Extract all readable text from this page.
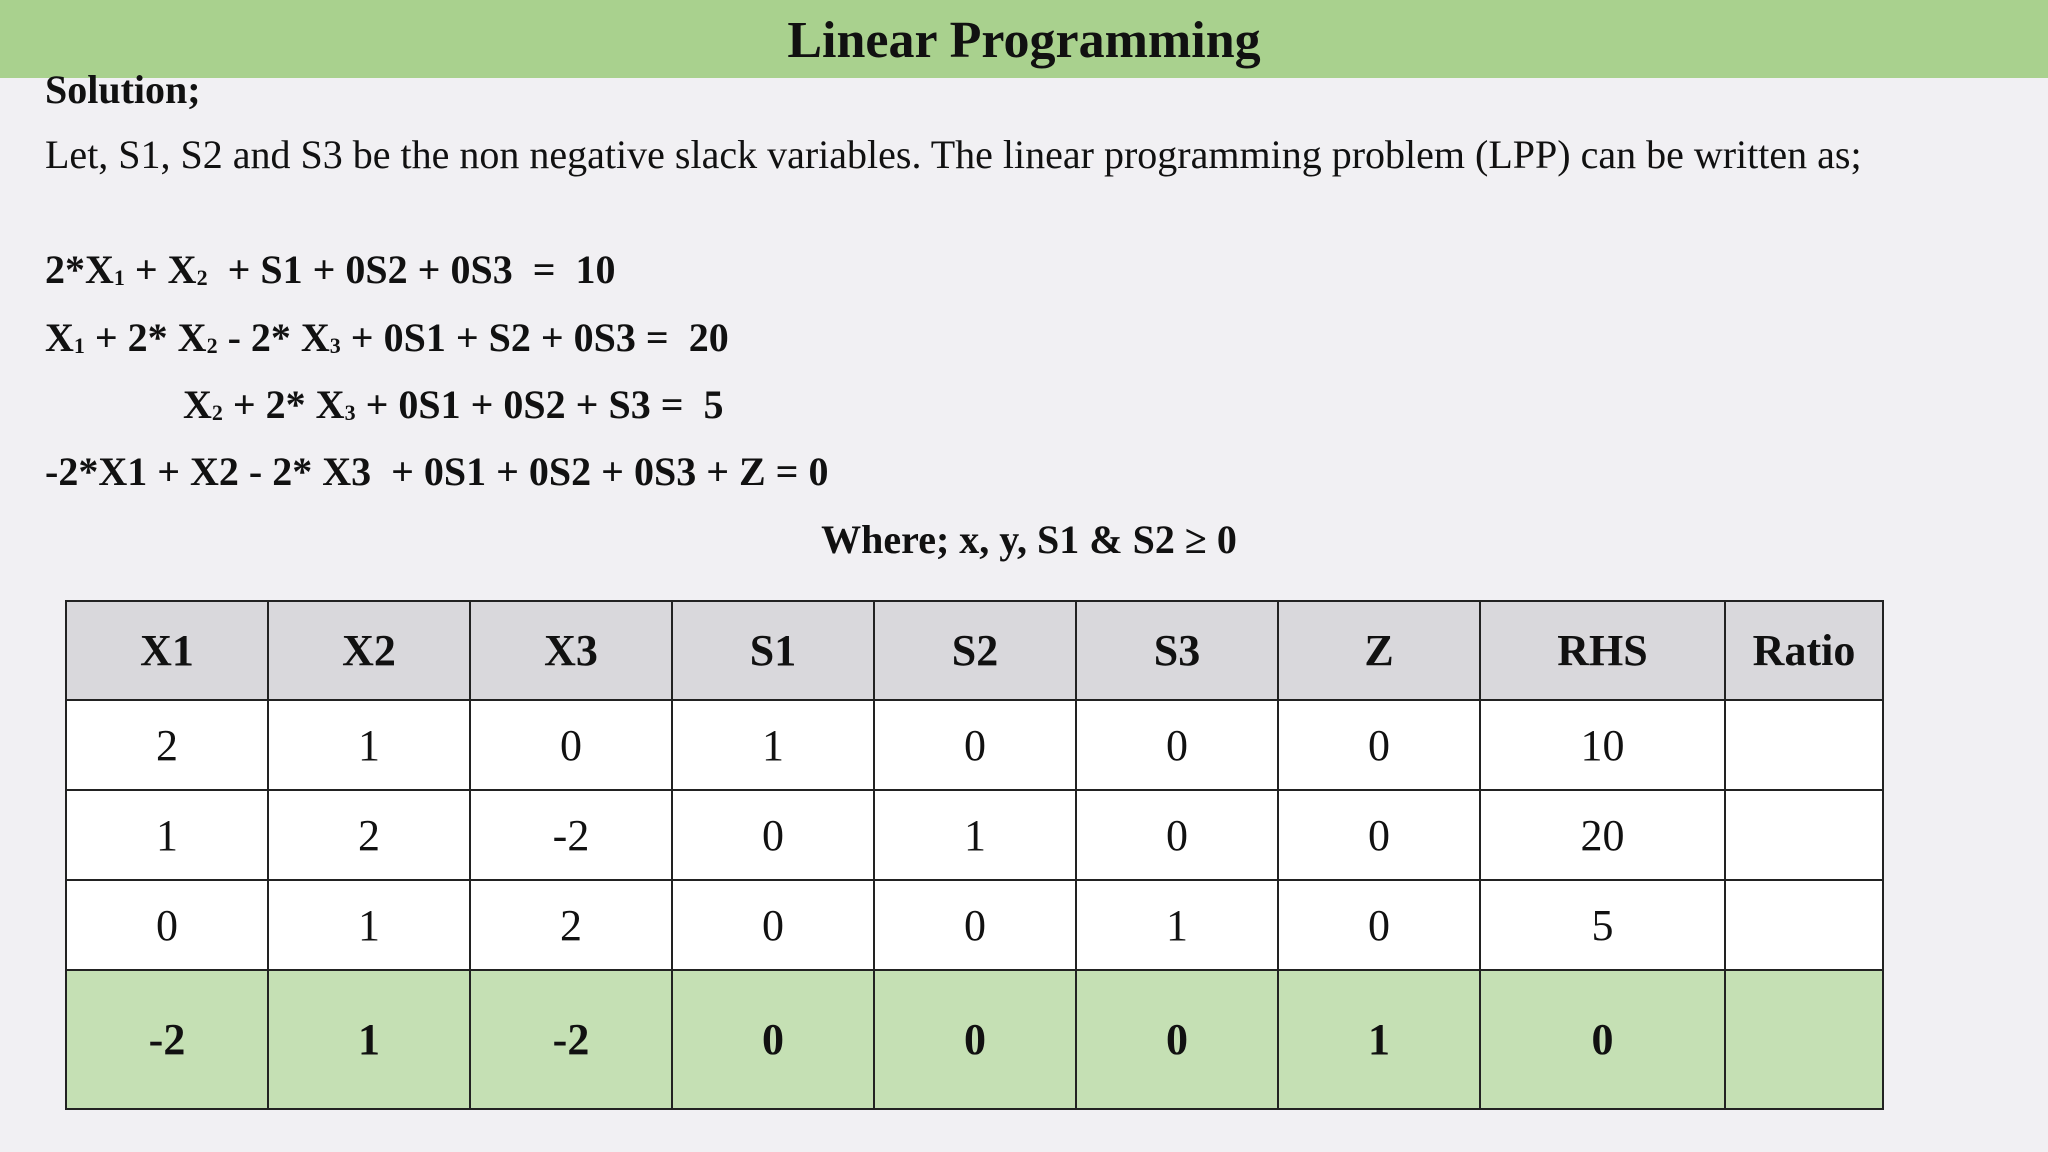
Linear Programming
Solution;
Let, S1, S2 and S3 be the non negative slack variables. The linear programming problem (LPP) can be written as;
$2*X_1 + X_2 + S1 + 0S2 + 0S3 = 10$
$X_1 + 2*$ $X_2 - 2*$ $X_3 + 0S1 + S2 + 0S3 = 20$
$X_2 + 2*$ $X_3 + 0S1 + 0S2 + S3 = 5$
-2*X1 + X2 - 2* X3  + 0S1 + 0S2 + 0S3 + Z = 0
Where; x, y, S1 & S2 ≥ 0
X1	X2	X3	S1	S2	S3	Z	RHS	Ratio
2	1	0	1	0	0	0	10	
1	2	-2	0	1	0	0	20	
0	1	2	0	0	1	0	5	
-2	1	-2	0	0	0	1	0	
